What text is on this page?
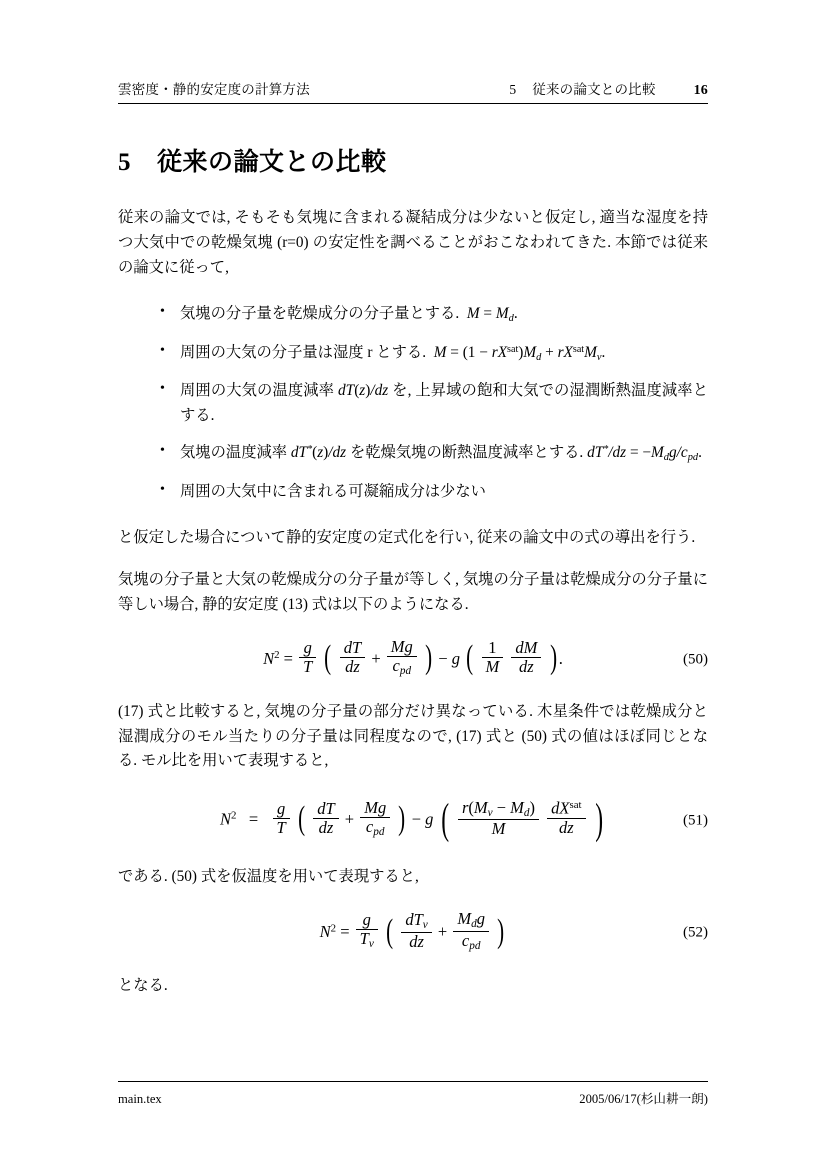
雲密度・静的安定度の計算方法	5 従来の論文との比較	16
5 従来の論文との比較

従来の論文では, そもそも気塊に含まれる凝結成分は少ないと仮定し, 適当な湿度を持つ大気中での乾燥気塊 (r=0) の安定性を調べることがおこなわれてきた. 本節では従来の論文に従って,

• 気塊の分子量を乾燥成分の分子量とする. $M = M_d$.
• 周囲の大気の分子量は湿度 r とする. $M = (1 - rX^{sat})M_d + rX^{sat}M_v$.
• 周囲の大気の温度減率 dT(z)/dz を, 上昇域の飽和大気での湿潤断熱温度減率とする.
• 気塊の温度減率 dT*(z)/dz を乾燥気塊の断熱温度減率とする. $dT^*/dz = -M_dg/c_{pd}$.
• 周囲の大気中に含まれる可凝縮成分は少ない

と仮定した場合について静的安定度の定式化を行い, 従来の論文中の式の導出を行う.

気塊の分子量と大気の乾燥成分の分子量が等しく, 気塊の分子量は乾燥成分の分子量に等しい場合, 静的安定度 (13) 式は以下のようになる.

$N^2 = \frac{g}{T}$ ( $\frac{dT}{dz} + \frac{Mg}{c_{pd}}$ ) − g ( $\frac{1}{M}$
$\frac{dM}{dz}$ ) .	(50)

(17) 式と比較すると, 気塊の分子量の部分だけ異なっている. 木星条件では乾燥成分と湿潤成分のモル当たりの分子量は同程度なので, (17) 式と (50) 式の値はほぼ同じとなる. モル比を用いて表現すると,

$N^2 = \frac{g}{T}$ ( $\frac{dT}{dz} + \frac{Mg}{c_{pd}}$ ) − g ( $\frac{r(M_v - M_d)}{M}$
$\frac{dX^{sat}}{dz}$ )	(51)

である. (50) 式を仮温度を用いて表現すると,

$N^2 = \frac{g}{T_v}$ ( $\frac{dT_v}{dz} + \frac{M_dg}{c_{pd}}$ )	(52)

となる.

main.tex	2005/06/17(杉山耕一朗)
